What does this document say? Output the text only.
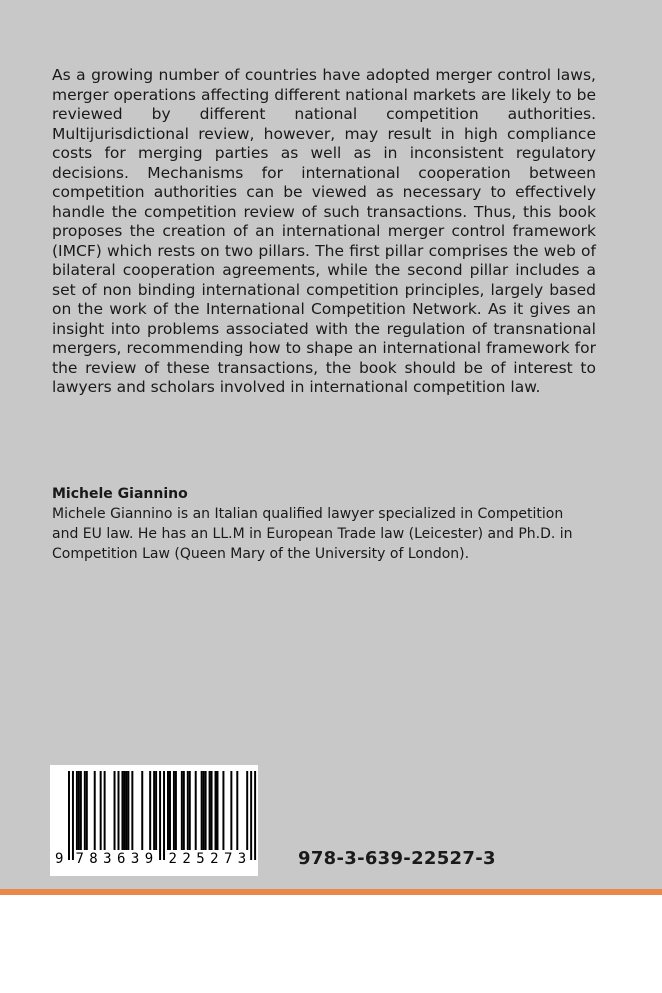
As a growing number of countries have adopted merger control laws, merger operations affecting different national markets are likely to be reviewed by different national competition authorities. Multijurisdictional review, however, may result in high compliance costs for merging parties as well as in inconsistent regulatory decisions. Mechanisms for international cooperation between competition authorities can be viewed as necessary to effectively handle the competition review of such transactions. Thus, this book proposes the creation of an international merger control framework (IMCF) which rests on two pillars. The first pillar comprises the web of bilateral cooperation agreements, while the second pillar includes a set of non binding international competition principles, largely based on the work of the International Competition Network. As it gives an insight into problems associated with the regulation of transnational mergers, recommending how to shape an international framework for the review of these transactions, the book should be of interest to lawyers and scholars involved in international competition law.

Michele Giannino

Michele Giannino is an Italian qualified lawyer specialized in Competition and EU law. He has an LL.M in European Trade law (Leicester) and Ph.D. in Competition Law (Queen Mary of the University of London).

9 7 8 3 6 3 9 2 2 5 2 7 3	978-3-639-22527-3
